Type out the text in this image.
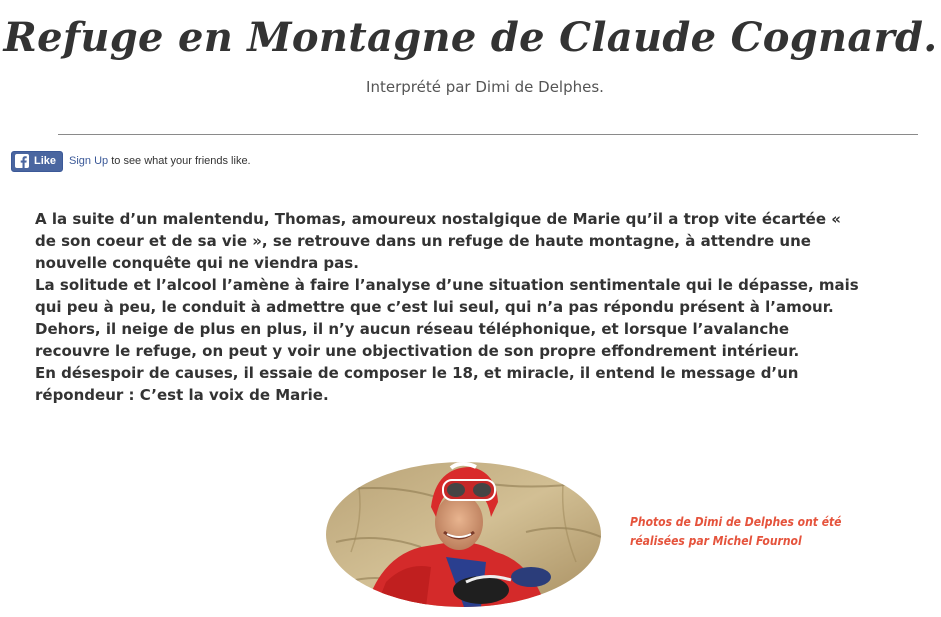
Refuge en Montagne de Claude Cognard.
Interprété par Dimi de Delphes.
Like Sign Up to see what your friends like.

A la suite d’un malentendu, Thomas, amoureux nostalgique de Marie qu’il a trop vite écartée « de son coeur et de sa vie », se retrouve dans un refuge de haute montagne, à attendre une nouvelle conquête qui ne viendra pas.

La solitude et l’alcool l’amène à faire l’analyse d’une situation sentimentale qui le dépasse, mais qui peu à peu, le conduit à admettre que c’est lui seul, qui n’a pas répondu présent à l’amour. Dehors, il neige de plus en plus, il n’y aucun réseau téléphonique, et lorsque l’avalanche recouvre le refuge, on peut y voir une objectivation de son propre effondrement intérieur.

En désespoir de causes, il essaie de composer le 18, et miracle, il entend le message d’un répondeur : C’est la voix de Marie.

Photos de Dimi de Delphes ont été
réalisées par Michel Fournol
